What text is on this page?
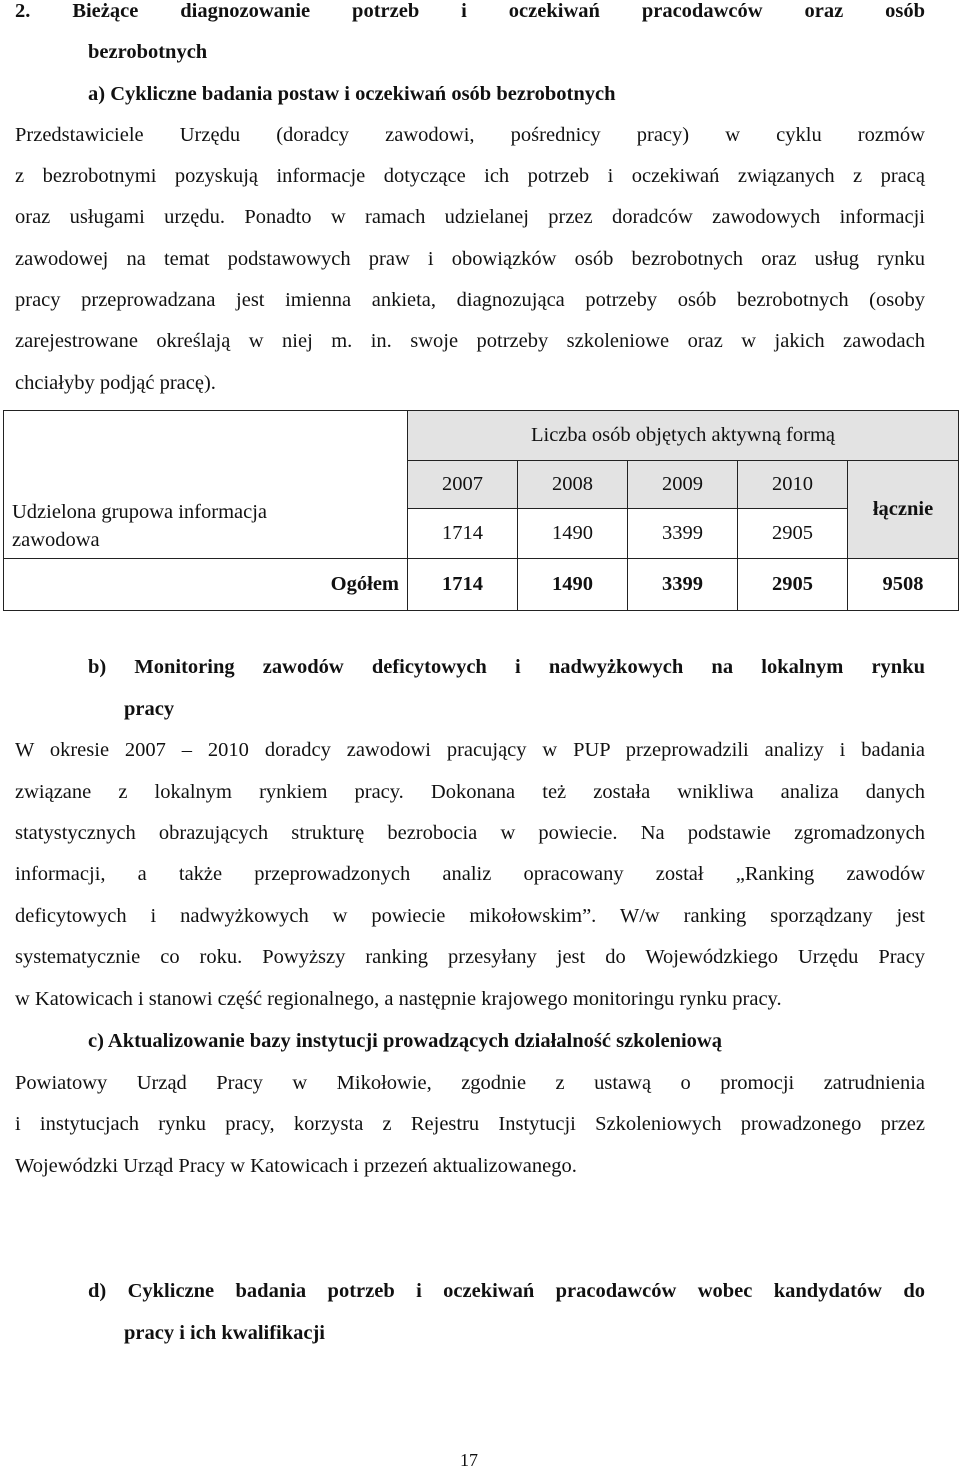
2. Bieżące diagnozowanie potrzeb i oczekiwań pracodawców oraz osób

bezrobotnych

a) Cykliczne badania postaw i oczekiwań osób bezrobotnych

Przedstawiciele Urzędu (doradcy zawodowi, pośrednicy pracy) w cyklu rozmów

z bezrobotnymi pozyskują informacje dotyczące ich potrzeb i oczekiwań związanych z pracą

oraz usługami urzędu. Ponadto w ramach udzielanej przez doradców zawodowych informacji

zawodowej na temat podstawowych praw i obowiązków osób bezrobotnych oraz usług rynku

pracy przeprowadzana jest imienna ankieta, diagnozująca potrzeby osób bezrobotnych (osoby

zarejestrowane określają w niej m. in. swoje potrzeby szkoleniowe oraz w jakich zawodach

chciałyby podjąć pracę).

Udzielona grupowa informacja
zawodowa	Liczba osób objętych aktywną formą				
	2007	2008	2009	2010	łącznie
	1714	1490	3399	2905	
Ogółem	1714	1490	3399	2905	9508

b) Monitoring zawodów deficytowych i nadwyżkowych na lokalnym rynku

pracy

W okresie 2007 – 2010 doradcy zawodowi pracujący w PUP przeprowadzili analizy i badania

związane z lokalnym rynkiem pracy. Dokonana też została wnikliwa analiza danych

statystycznych obrazujących strukturę bezrobocia w powiecie. Na podstawie zgromadzonych

informacji, a także przeprowadzonych analiz opracowany został „Ranking zawodów

deficytowych i nadwyżkowych w powiecie mikołowskim”. W/w ranking sporządzany jest

systematycznie co roku. Powyższy ranking przesyłany jest do Wojewódzkiego Urzędu Pracy

w Katowicach i stanowi część regionalnego, a następnie krajowego monitoringu rynku pracy.

c) Aktualizowanie bazy instytucji prowadzących działalność szkoleniową

Powiatowy Urząd Pracy w Mikołowie, zgodnie z ustawą o promocji zatrudnienia

i instytucjach rynku pracy, korzysta z Rejestru Instytucji Szkoleniowych prowadzonego przez

Wojewódzki Urząd Pracy w Katowicach i przezeń aktualizowanego.

d) Cykliczne badania potrzeb i oczekiwań pracodawców wobec kandydatów do

pracy i ich kwalifikacji

17
